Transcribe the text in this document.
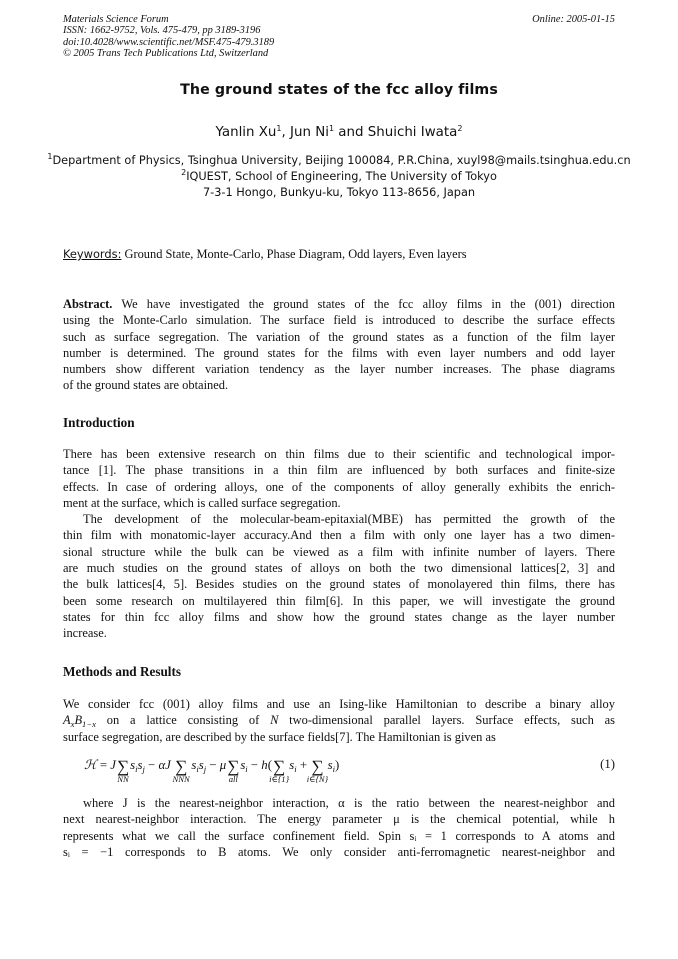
Materials Science Forum
ISSN: 1662-9752, Vols. 475-479, pp 3189-3196
doi:10.4028/www.scientific.net/MSF.475-479.3189
© 2005 Trans Tech Publications Ltd, Switzerland
Online: 2005-01-15
The ground states of the fcc alloy films
Yanlin Xu$^1$, Jun Ni$^1$ and Shuichi Iwata$^2$
$^1$Department of Physics, Tsinghua University, Beijing 100084, P.R.China, xuyl98@mails.tsinghua.edu.cn
$^2$IQUEST, School of Engineering, The University of Tokyo
7-3-1 Hongo, Bunkyu-ku, Tokyo 113-8656, Japan
Keywords: Ground State, Monte-Carlo, Phase Diagram, Odd layers, Even layers
Abstract. We have investigated the ground states of the fcc alloy films in the (001) direction
using the Monte-Carlo simulation. The surface field is introduced to describe the surface effects
such as surface segregation. The variation of the ground states as a function of the film layer
number is determined. The ground states for the films with even layer numbers and odd layer
numbers show different variation tendency as the layer number increases. The phase diagrams
of the ground states are obtained.
Introduction
There has been extensive research on thin films due to their scientific and technological impor-
tance [1]. The phase transitions in a thin film are influenced by both surfaces and finite-size
effects. In case of ordering alloys, one of the components of alloy generally exhibits the enrich-
ment at the surface, which is called surface segregation.
The development of the molecular-beam-epitaxial(MBE) has permitted the growth of the
thin film with monatomic-layer accuracy.And then a film with only one layer has a two dimen-
sional structure while the bulk can be viewed as a film with infinite number of layers. There
are much studies on the ground states of alloys on both the two dimensional lattices[2, 3] and
the bulk lattices[4, 5]. Besides studies on the ground states of monolayered thin films, there has
been some research on multilayered thin film[6]. In this paper, we will investigate the ground
states for thin fcc alloy films and show how the ground states change as the layer number
increase.
Methods and Results
We consider fcc (001) alloy films and use an Ising-like Hamiltonian to describe a binary alloy
$A_xB_{1-x}$ on a lattice consisting of N two-dimensional parallel layers. Surface effects, such as
surface segregation, are described by the surface fields[7]. The Hamiltonian is given as
ℋ = J∑
NN
$s_is_j - \alpha J$ ∑
NNN
$s_is_j - \mu\sum$
all
$s_i - h(\sum$
i∈{1}
$s_i$ + ∑
i∈{N}
$s_i$)	(1)
where J is the nearest-neighbor interaction, α is the ratio between the nearest-neighbor and
next nearest-neighbor interaction. The energy parameter μ is the chemical potential, while h
represents what we call the surface confinement field. Spin sᵢ = 1 corresponds to A atoms and
sᵢ = −1 corresponds to B atoms. We only consider anti-ferromagnetic nearest-neighbor and
